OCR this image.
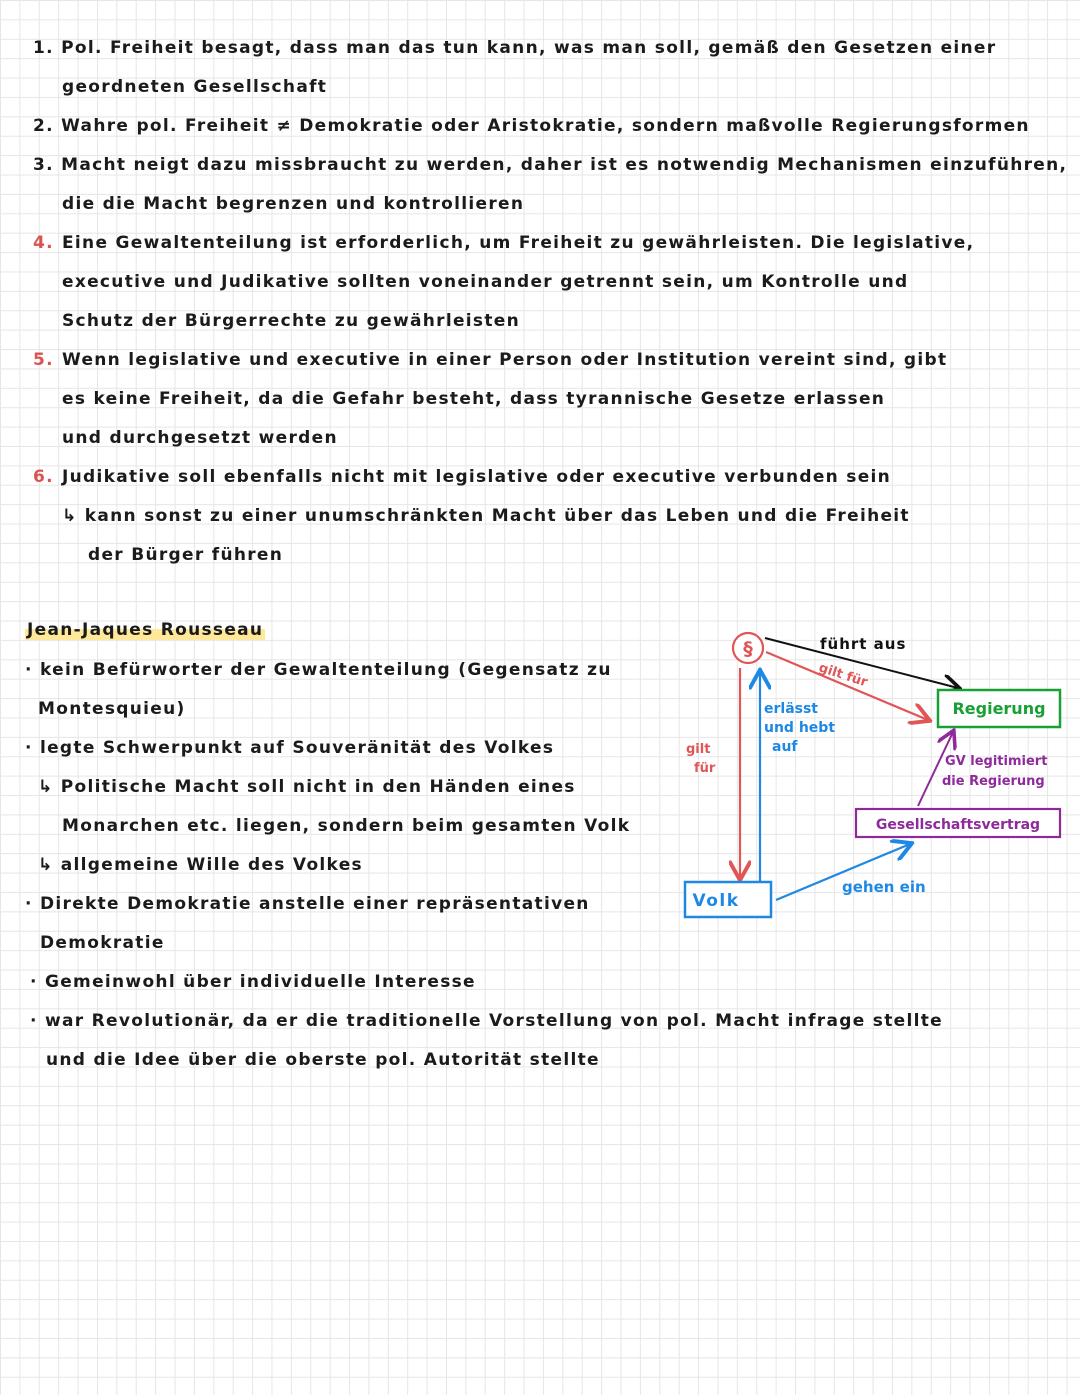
1. Pol. Freiheit besagt, dass man das tun kann, was man soll, gemäß den Gesetzen einer
geordneten Gesellschaft
2. Wahre pol. Freiheit ≠ Demokratie oder Aristokratie, sondern maßvolle Regierungsformen
3. Macht neigt dazu missbraucht zu werden, daher ist es notwendig Mechanismen einzuführen,
die die Macht begrenzen und kontrollieren
4. Eine Gewaltenteilung ist erforderlich, um Freiheit zu gewährleisten. Die legislative,
executive und Judikative sollten voneinander getrennt sein, um Kontrolle und
Schutz der Bürgerrechte zu gewährleisten
5. Wenn legislative und executive in einer Person oder Institution vereint sind, gibt
es keine Freiheit, da die Gefahr besteht, dass tyrannische Gesetze erlassen
und durchgesetzt werden
6. Judikative soll ebenfalls nicht mit legislative oder executive verbunden sein
↳ kann sonst zu einer unumschränkten Macht über das Leben und die Freiheit
der Bürger führen
Jean-Jaques Rousseau
· kein Befürworter der Gewaltenteilung (Gegensatz zu
Montesquieu)
· legte Schwerpunkt auf Souveränität des Volkes
↳ Politische Macht soll nicht in den Händen eines
Monarchen etc. liegen, sondern beim gesamten Volk
↳ allgemeine Wille des Volkes
· Direkte Demokratie anstelle einer repräsentativen
Demokratie
· Gemeinwohl über individuelle Interesse
· war Revolutionär, da er die traditionelle Vorstellung von pol. Macht infrage stellte
und die Idee über die oberste pol. Autorität stellte
§	führt aus
gilt für
Regierung
gilt
für
erlässt
und hebt
auf
GV legitimiert
die Regierung
Gesellschaftsvertrag
Volk
gehen ein
